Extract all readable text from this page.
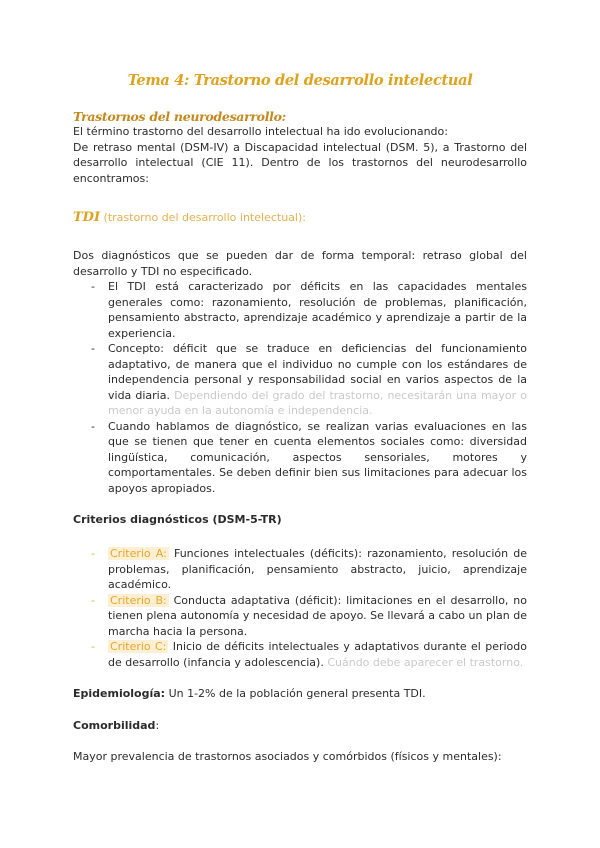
Tema 4: Trastorno del desarrollo intelectual
Trastornos del neurodesarrollo:

El término trastorno del desarrollo intelectual ha ido evolucionando:

De retraso mental (DSM-IV) a Discapacidad intelectual (DSM. 5), a Trastorno del desarrollo intelectual (CIE 11). Dentro de los trastornos del neurodesarrollo encontramos:

TDI (trastorno del desarrollo intelectual):

Dos diagnósticos que se pueden dar de forma temporal: retraso global del desarrollo y TDI no especificado.

- El TDI está caracterizado por déficits en las capacidades mentales generales como: razonamiento, resolución de problemas, planificación, pensamiento abstracto, aprendizaje académico y aprendizaje a partir de la experiencia.
- Concepto: déficit que se traduce en deficiencias del funcionamiento adaptativo, de manera que el individuo no cumple con los estándares de independencia personal y responsabilidad social en varios aspectos de la vida diaria. Dependiendo del grado del trastorno, necesitarán una mayor o menor ayuda en la autonomía e independencia.
- Cuando hablamos de diagnóstico, se realizan varias evaluaciones en las que se tienen que tener en cuenta elementos sociales como: diversidad lingüística, comunicación, aspectos sensoriales, motores y comportamentales. Se deben definir bien sus limitaciones para adecuar los apoyos apropiados.

Criterios diagnósticos (DSM-5-TR)

- Criterio A: Funciones intelectuales (déficits): razonamiento, resolución de problemas, planificación, pensamiento abstracto, juicio, aprendizaje académico.
- Criterio B: Conducta adaptativa (déficit): limitaciones en el desarrollo, no tienen plena autonomía y necesidad de apoyo. Se llevará a cabo un plan de marcha hacia la persona.
- Criterio C: Inicio de déficits intelectuales y adaptativos durante el periodo de desarrollo (infancia y adolescencia). Cuándo debe aparecer el trastorno.

Epidemiología: Un 1-2% de la población general presenta TDI.

Comorbilidad:

Mayor prevalencia de trastornos asociados y comórbidos (físicos y mentales):
